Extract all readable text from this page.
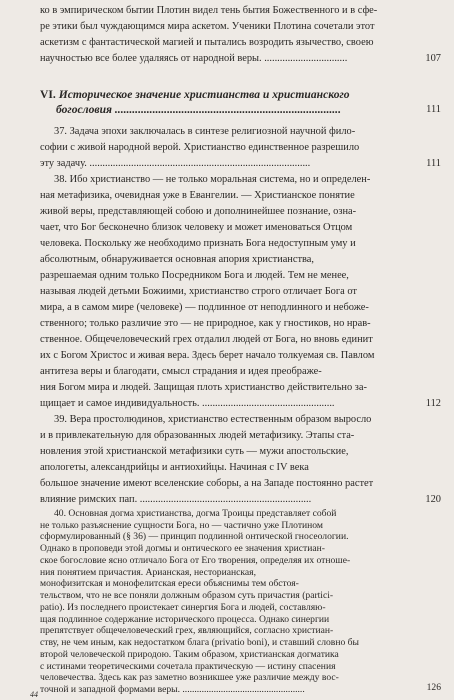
ко в эмпирическом бытии Плотин видел тень бытия Божественного и в сфе-
ре этики был чуждающимся мира аскетом. Ученики Плотина сочетали этот
аскетизм с фантастической магией и пытались возродить язычество, своею
научностью все более удаляясь от народной веры. ................................	107
VI. Историческое значение христианства и христианского
богословия ..............................................................................	111
37. Задача эпохи заключалась в синтезе религиозной научной фило-
софии с живой народной верой. Христианство единственное разрешило
эту задачу. .....................................................................................	111
38. Ибо христианство — не только моральная система, но и определен-
ная метафизика, очевидная уже в Евангелии. — Христианское понятие
живой веры, представляющей собою и дополнинейшее познание, озна-
чает, что Бог бесконечно близок человеку и может именоваться Отцом
человека. Поскольку же необходимо признать Бога недоступным уму и
абсолютным, обнаруживается основная апория христианства,
разрешаемая одним только Посредником Бога и людей. Тем не менее,
называя людей детьми Божиими, христианство строго отличает Бога от
мира, а в самом мире (человеке) — подлинное от неподлинного и небоже-
ственного; только различие это — не природное, как у гностиков, но нрав-
ственное. Общечеловеческий грех отдалил людей от Бога, но вновь единит
их с Богом Христос и живая вера. Здесь берет начало толкуемая св. Павлом
антитеза веры и благодати, смысл страдания и идея преображе-
ния Богом мира и людей. Защищая плоть христианство действительно за-
щищает и самое индивидуальность. ...................................................	112
39. Вера простолюдинов, христианство естественным образом выросло
и в привлекательную для образованных людей метафизику. Этапы ста-
новления этой христианской метафизики суть — мужи апостольские,
апологеты, александрийцы и антиохийцы. Начиная с IV века
большое значение имеют вселенские соборы, а на Западе постоянно растет
влияние римских пап. ..................................................................	120
40. Основная догма христианства, догма Троицы представляет собой
не только разъяснение сущности Бога, но — частично уже Плотином
сформулированный (§ 36) — принцип подлинной онтической гносеологии.
Однако в проповеди этой догмы и онтического ее значения христиан-
ское богословие ясно отличало Бога от Его творения, определяя их отноше-
ния понятием причастия. Арианская, несторианская,
монофизитская и монофелитская ереси объяснимы тем обстоя-
тельством, что не все поняли должным образом суть причастия (partici-
patio). Из последнего проистекает синергия Бога и людей, составляю-
щая подлинное содержание исторического процесса. Однако синергии
препятствует общечеловеческий грех, являющийся, согласно христиан-
ству, не чем иным, как недостатком блага (privatio boni), и ставший словно бы
второй человеческой природою. Таким образом, христианская догматика
с истинами теоретическими сочетала практическую — истину спасения
человечества. Здесь как раз заметно возникшее уже различие между вос-
точной и западной формами веры. ...................................................	126
44
